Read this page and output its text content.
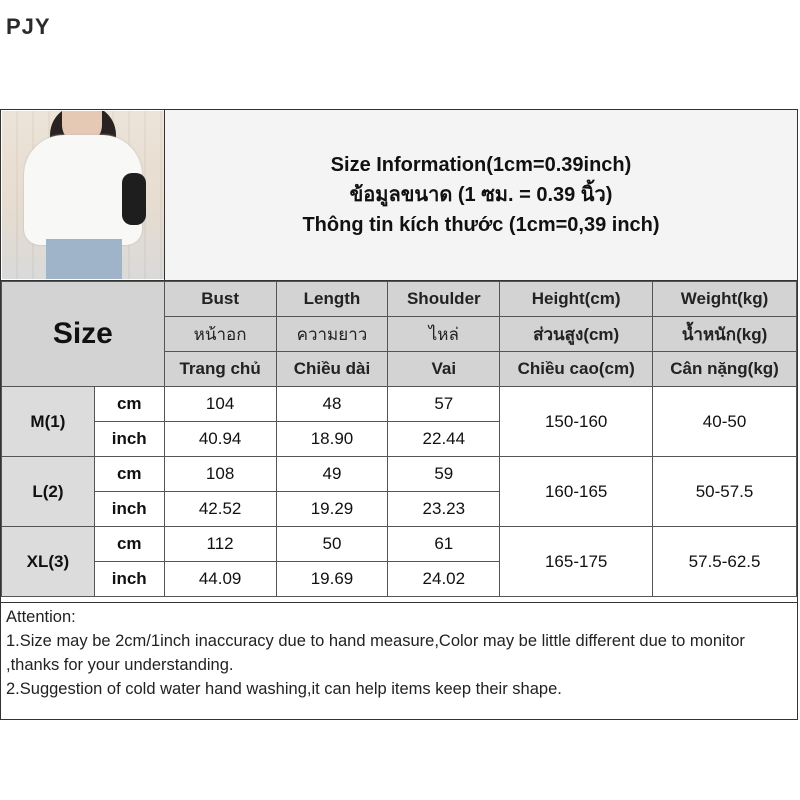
PJY
Size Information(1cm=0.39inch)
ข้อมูลขนาด (1 ซม. = 0.39 นิ้ว)
Thông tin kích thước (1cm=0,39 inch)
Size		Bust	Length	Shoulder	Height(cm)	Weight(kg)
		หน้าอก	ความยาว	ไหล่	ส่วนสูง(cm)	น้ำหนัก(kg)
		Trang chủ	Chiều dài	Vai	Chiều cao(cm)	Cân nặng(kg)
M(1)	cm	104	48	57	150-160	40-50
	inch	40.94	18.90	22.44		
L(2)	cm	108	49	59	160-165	50-57.5
	inch	42.52	19.29	23.23		
XL(3)	cm	112	50	61	165-175	57.5-62.5
	inch	44.09	19.69	24.02		
Attention:
1.Size may be 2cm/1inch inaccuracy due to hand measure,Color may be little different due to monitor ,thanks for your understanding.
2.Suggestion of cold water hand washing,it can help items keep their shape.
